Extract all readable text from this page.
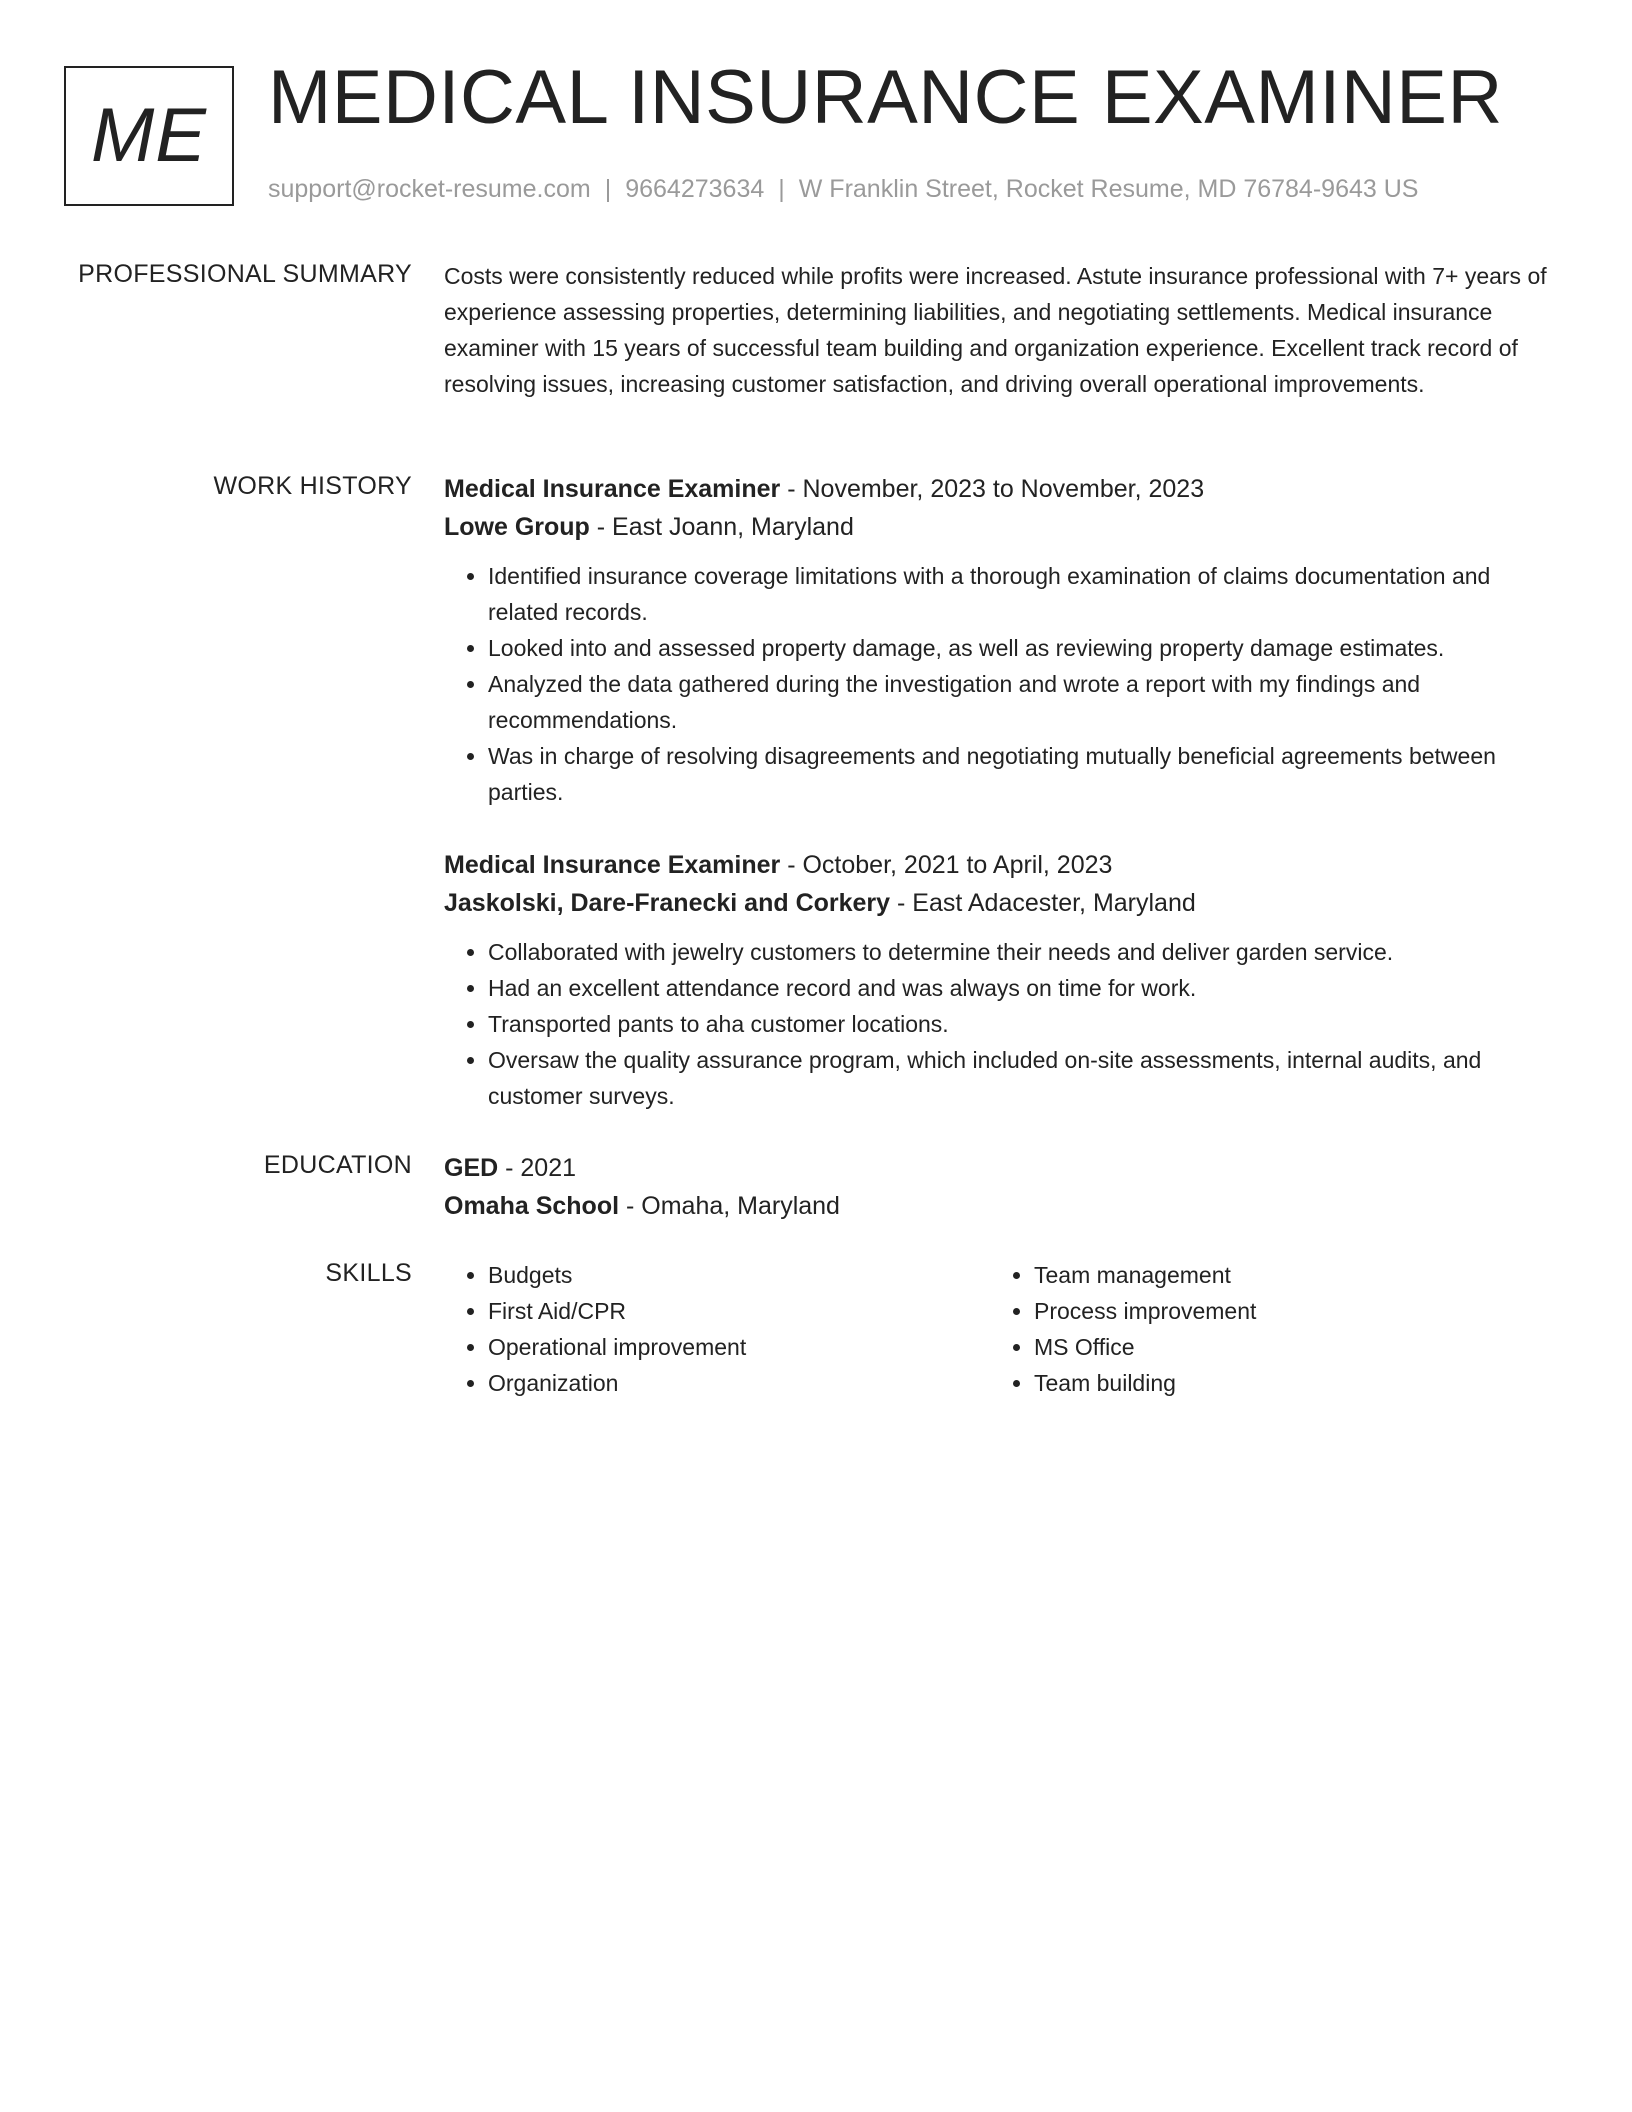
ME MEDICAL INSURANCE EXAMINER
support@rocket-resume.com | 9664273634 | W Franklin Street, Rocket Resume, MD 76784-9643 US
PROFESSIONAL SUMMARY Costs were consistently reduced while profits were increased. Astute insurance professional with 7+ years of experience assessing properties, determining liabilities, and negotiating settlements. Medical insurance examiner with 15 years of successful team building and organization experience. Excellent track record of resolving issues, increasing customer satisfaction, and driving overall operational improvements.

WORK HISTORY Medical Insurance Examiner - November, 2023 to November, 2023
Lowe Group - East Joann, Maryland
• Identified insurance coverage limitations with a thorough examination of claims documentation and related records.
• Looked into and assessed property damage, as well as reviewing property damage estimates.
• Analyzed the data gathered during the investigation and wrote a report with my findings and recommendations.
• Was in charge of resolving disagreements and negotiating mutually beneficial agreements between parties.
Medical Insurance Examiner - October, 2021 to April, 2023
Jaskolski, Dare-Franecki and Corkery - East Adacester, Maryland
• Collaborated with jewelry customers to determine their needs and deliver garden service.
• Had an excellent attendance record and was always on time for work.
• Transported pants to aha customer locations.
• Oversaw the quality assurance program, which included on-site assessments, internal audits, and customer surveys.
EDUCATION GED - 2021
Omaha School - Omaha, Maryland
SKILLS
•	Budgets
• First Aid/CPR
• Operational improvement
• Organization
• Team management
• Process improvement
• MS Office
• Team building
